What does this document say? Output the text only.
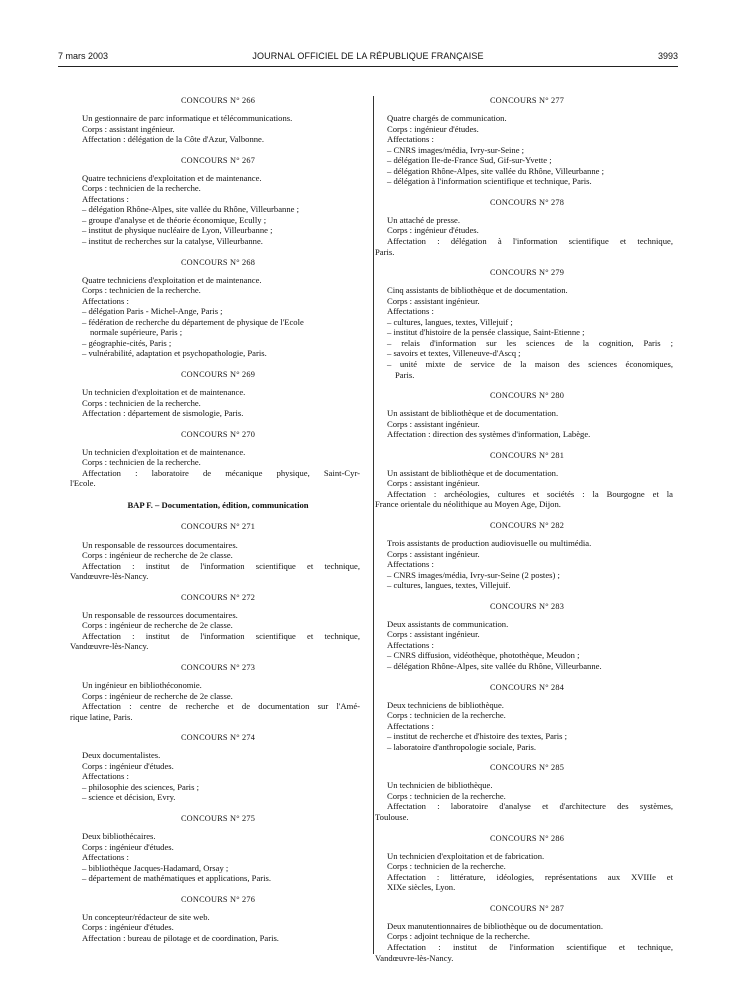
7 mars 2003	JOURNAL OFFICIEL DE LA RÉPUBLIQUE FRANÇAISE	3993
CONCOURS N° 266
Un gestionnaire de parc informatique et télécommunications.
Corps : assistant ingénieur.
Affectation : délégation de la Côte d'Azur, Valbonne.
CONCOURS N° 267
Quatre techniciens d'exploitation et de maintenance.
Corps : technicien de la recherche.
Affectations :
– délégation Rhône-Alpes, site vallée du Rhône, Villeurbanne ;
– groupe d'analyse et de théorie économique, Ecully ;
– institut de physique nucléaire de Lyon, Villeurbanne ;
– institut de recherches sur la catalyse, Villeurbanne.
CONCOURS N° 268
Quatre techniciens d'exploitation et de maintenance.
Corps : technicien de la recherche.
Affectations :
– délégation Paris - Michel-Ange, Paris ;
– fédération de recherche du département de physique de l'Ecole
normale supérieure, Paris ;
– géographie-cités, Paris ;
– vulnérabilité, adaptation et psychopathologie, Paris.
CONCOURS N° 269
Un technicien d'exploitation et de maintenance.
Corps : technicien de la recherche.
Affectation : département de sismologie, Paris.
CONCOURS N° 270
Un technicien d'exploitation et de maintenance.
Corps : technicien de la recherche.
Affectation : laboratoire de mécanique physique, Saint-Cyr-
l'Ecole.
BAP F. – Documentation, édition, communication
CONCOURS N° 271
Un responsable de ressources documentaires.
Corps : ingénieur de recherche de 2e classe.
Affectation : institut de l'information scientifique et technique,
Vandœuvre-lès-Nancy.
CONCOURS N° 272
Un responsable de ressources documentaires.
Corps : ingénieur de recherche de 2e classe.
Affectation : institut de l'information scientifique et technique,
Vandœuvre-lès-Nancy.
CONCOURS N° 273
Un ingénieur en bibliothéconomie.
Corps : ingénieur de recherche de 2e classe.
Affectation : centre de recherche et de documentation sur l'Amé-
rique latine, Paris.
CONCOURS N° 274
Deux documentalistes.
Corps : ingénieur d'études.
Affectations :
– philosophie des sciences, Paris ;
– science et décision, Evry.
CONCOURS N° 275
Deux bibliothécaires.
Corps : ingénieur d'études.
Affectations :
– bibliothèque Jacques-Hadamard, Orsay ;
– département de mathématiques et applications, Paris.
CONCOURS N° 276
Un concepteur/rédacteur de site web.
Corps : ingénieur d'études.
Affectation : bureau de pilotage et de coordination, Paris.
CONCOURS N° 277
Quatre chargés de communication.
Corps : ingénieur d'études.
Affectations :
– CNRS images/média, Ivry-sur-Seine ;
– délégation Ile-de-France Sud, Gif-sur-Yvette ;
– délégation Rhône-Alpes, site vallée du Rhône, Villeurbanne ;
– délégation à l'information scientifique et technique, Paris.
CONCOURS N° 278
Un attaché de presse.
Corps : ingénieur d'études.
Affectation : délégation à l'information scientifique et technique,
Paris.
CONCOURS N° 279
Cinq assistants de bibliothèque et de documentation.
Corps : assistant ingénieur.
Affectations :
– cultures, langues, textes, Villejuif ;
– institut d'histoire de la pensée classique, Saint-Etienne ;
– relais d'information sur les sciences de la cognition, Paris ;
– savoirs et textes, Villeneuve-d'Ascq ;
– unité mixte de service de la maison des sciences économiques,
Paris.
CONCOURS N° 280
Un assistant de bibliothèque et de documentation.
Corps : assistant ingénieur.
Affectation : direction des systèmes d'information, Labège.
CONCOURS N° 281
Un assistant de bibliothèque et de documentation.
Corps : assistant ingénieur.
Affectation : archéologies, cultures et sociétés : la Bourgogne et la
France orientale du néolithique au Moyen Age, Dijon.
CONCOURS N° 282
Trois assistants de production audiovisuelle ou multimédia.
Corps : assistant ingénieur.
Affectations :
– CNRS images/média, Ivry-sur-Seine (2 postes) ;
– cultures, langues, textes, Villejuif.
CONCOURS N° 283
Deux assistants de communication.
Corps : assistant ingénieur.
Affectations :
– CNRS diffusion, vidéothèque, photothèque, Meudon ;
– délégation Rhône-Alpes, site vallée du Rhône, Villeurbanne.
CONCOURS N° 284
Deux techniciens de bibliothèque.
Corps : technicien de la recherche.
Affectations :
– institut de recherche et d'histoire des textes, Paris ;
– laboratoire d'anthropologie sociale, Paris.
CONCOURS N° 285
Un technicien de bibliothèque.
Corps : technicien de la recherche.
Affectation : laboratoire d'analyse et d'architecture des systèmes,
Toulouse.
CONCOURS N° 286
Un technicien d'exploitation et de fabrication.
Corps : technicien de la recherche.
Affectation : littérature, idéologies, représentations aux XVIIIe et
XIXe siècles, Lyon.
CONCOURS N° 287
Deux manutentionnaires de bibliothèque ou de documentation.
Corps : adjoint technique de la recherche.
Affectation : institut de l'information scientifique et technique,
Vandœuvre-lès-Nancy.
